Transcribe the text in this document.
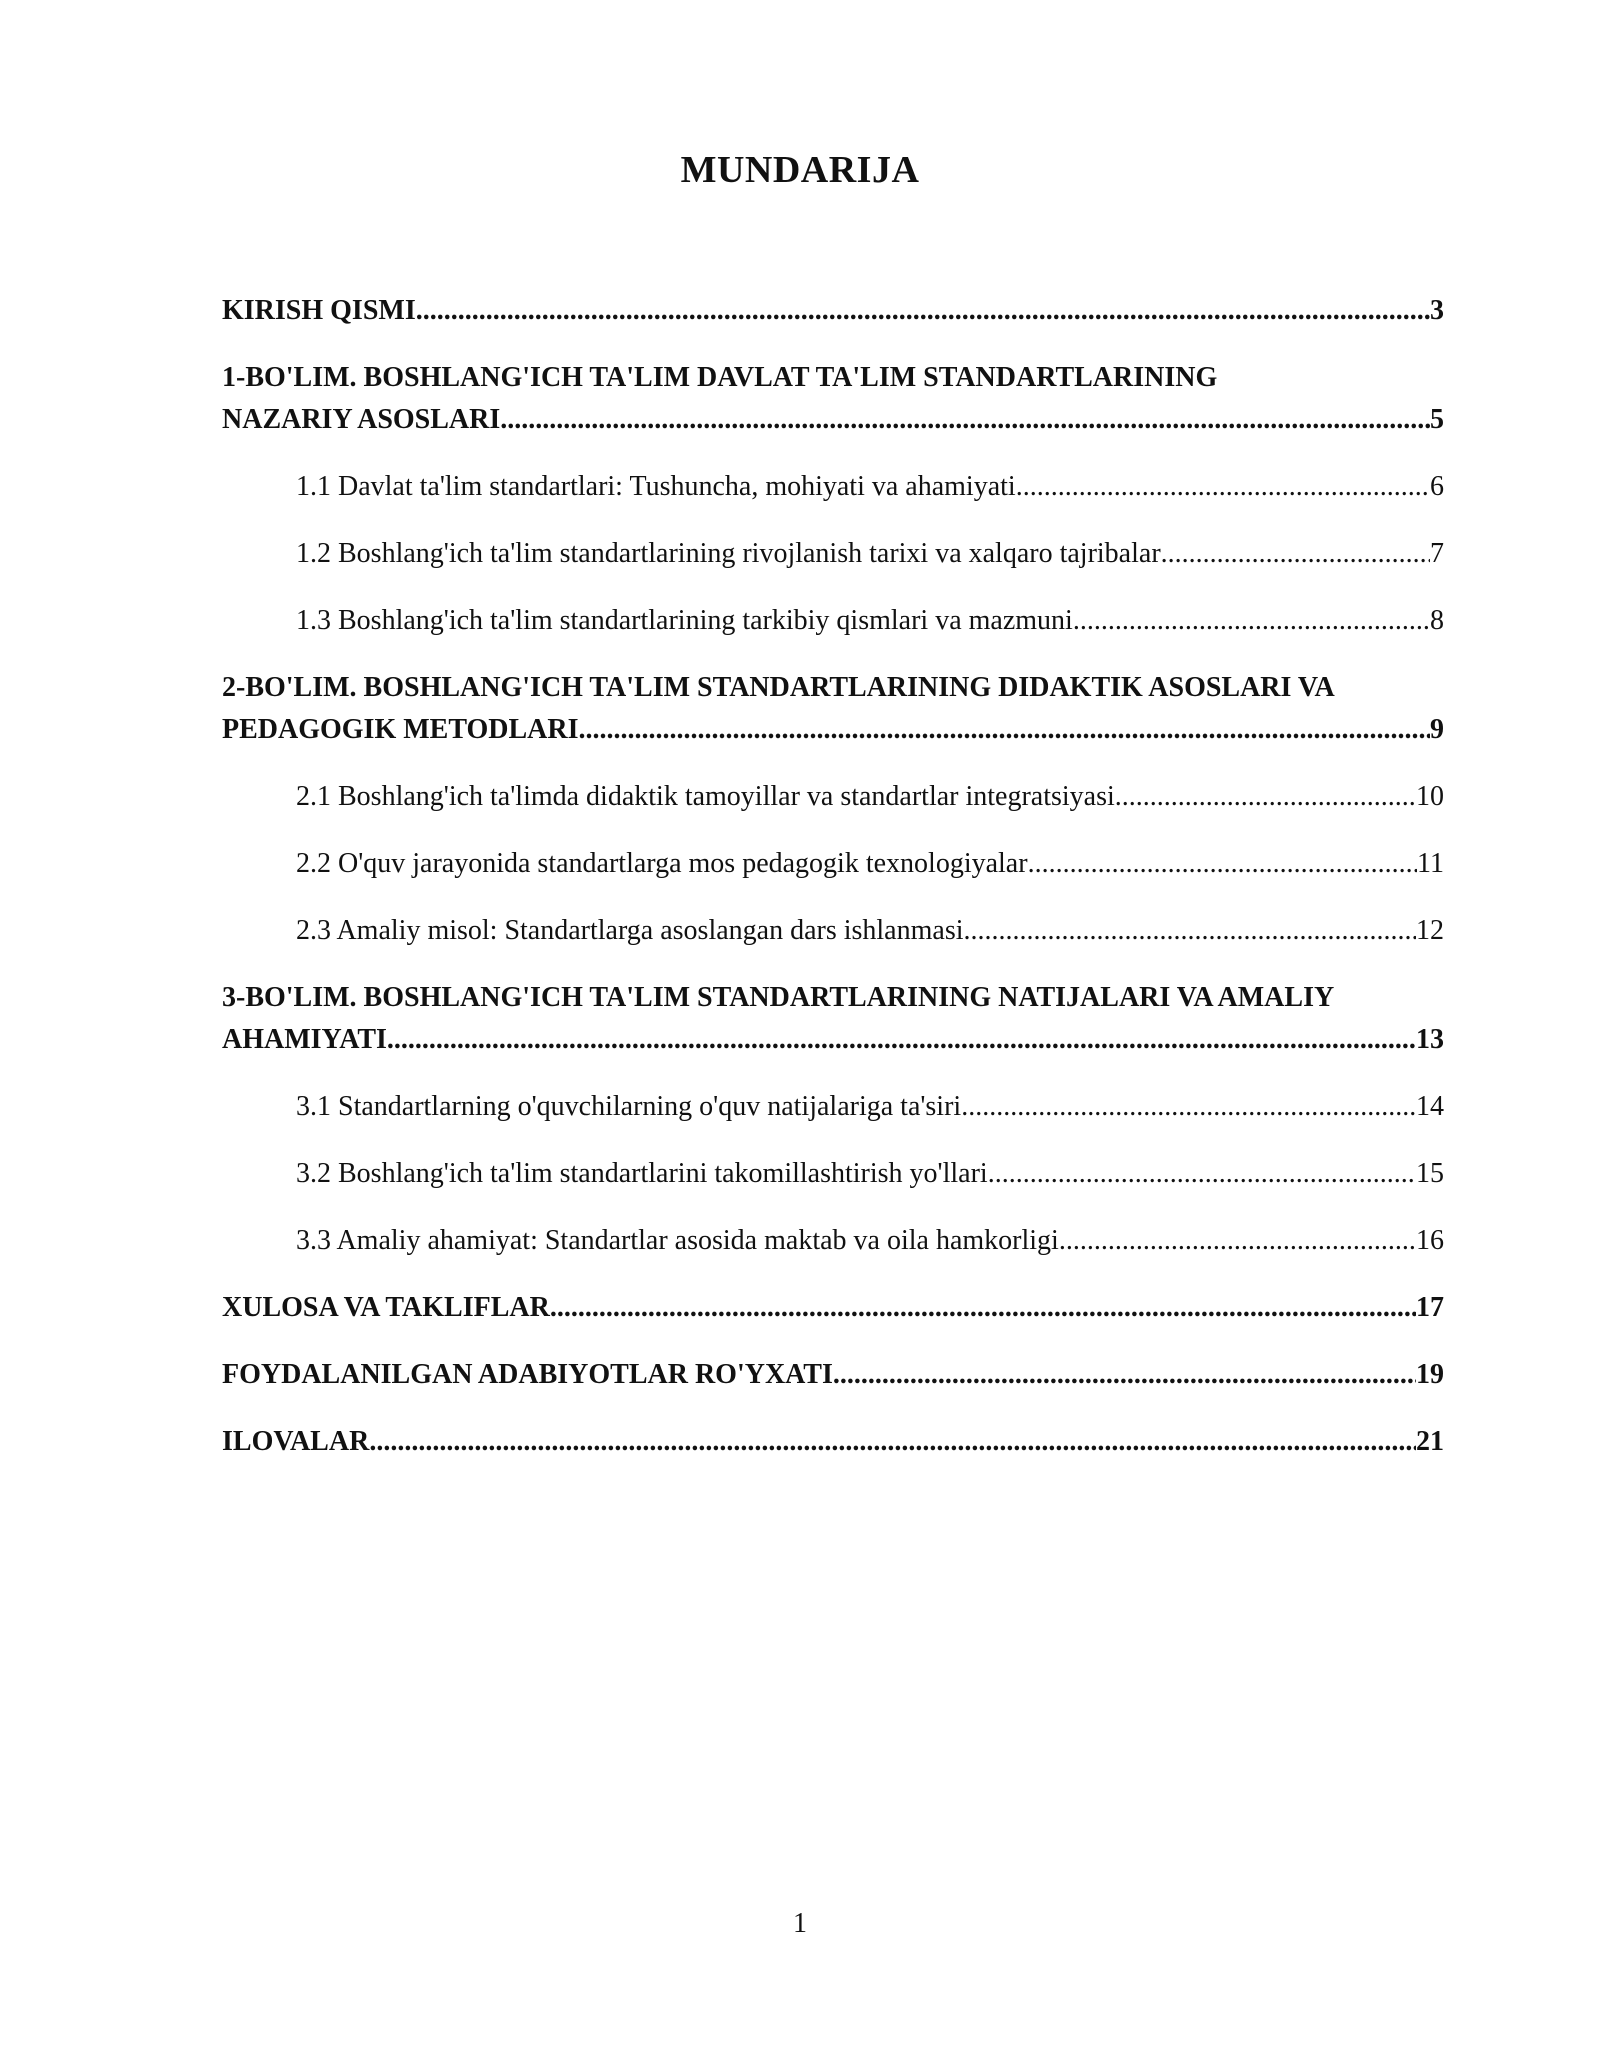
MUNDARIJA
KIRISH QISMI .....	3
1-BO'LIM. BOSHLANG'ICH TA'LIM DAVLAT TA'LIM STANDARTLARINING
NAZARIY ASOSLARI .....	5
1.1 Davlat ta'lim standartlari: Tushuncha, mohiyati va ahamiyati .....	6
1.2 Boshlang'ich ta'lim standartlarining rivojlanish tarixi va xalqaro tajribalar .....	7
1.3 Boshlang'ich ta'lim standartlarining tarkibiy qismlari va mazmuni .....	8
2-BO'LIM. BOSHLANG'ICH TA'LIM STANDARTLARINING DIDAKTIK ASOSLARI VA
PEDAGOGIK METODLARI .....	9
2.1 Boshlang'ich ta'limda didaktik tamoyillar va standartlar integratsiyasi .....	10
2.2 O'quv jarayonida standartlarga mos pedagogik texnologiyalar .....	11
2.3 Amaliy misol: Standartlarga asoslangan dars ishlanmasi .....	12
3-BO'LIM. BOSHLANG'ICH TA'LIM STANDARTLARINING NATIJALARI VA AMALIY
AHAMIYATI .....	13
3.1 Standartlarning o'quvchilarning o'quv natijalariga ta'siri .....	14
3.2 Boshlang'ich ta'lim standartlarini takomillashtirish yo'llari .....	15
3.3 Amaliy ahamiyat: Standartlar asosida maktab va oila hamkorligi .....	16
XULOSA VA TAKLIFLAR .....	17
FOYDALANILGAN ADABIYOTLAR RO'YXATI .....	19
ILOVALAR .....	21
1
